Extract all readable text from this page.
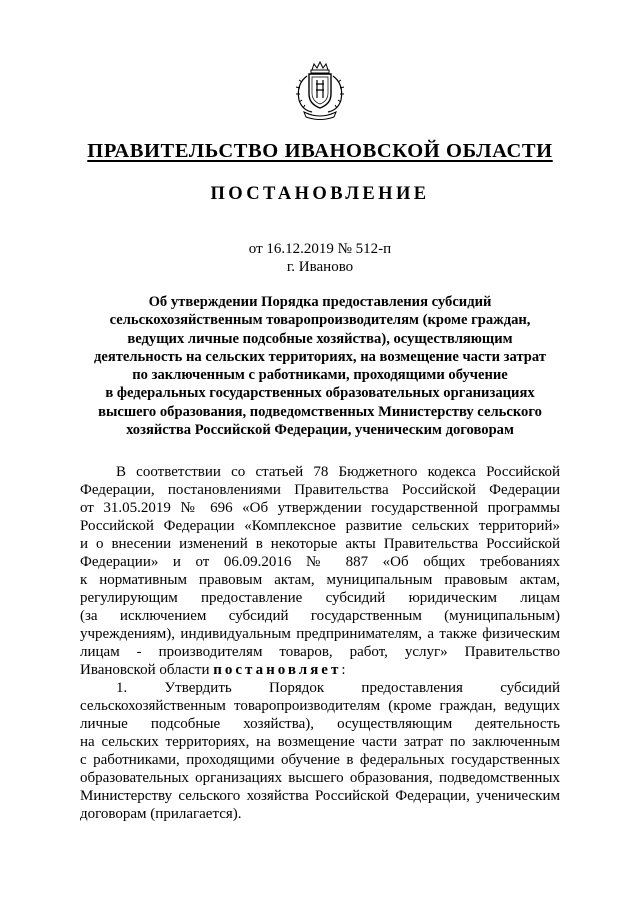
ПРАВИТЕЛЬСТВО ИВАНОВСКОЙ ОБЛАСТИ
ПОСТАНОВЛЕНИЕ
от 16.12.2019 № 512-п
г. Иваново
Об утверждении Порядка предоставления субсидий
сельскохозяйственным товаропроизводителям (кроме граждан,
ведущих личные подсобные хозяйства), осуществляющим
деятельность на сельских территориях, на возмещение части затрат
по заключенным с работниками, проходящими обучение
в федеральных государственных образовательных организациях
высшего образования, подведомственных Министерству сельского
хозяйства Российской Федерации, ученическим договорам
В соответствии со статьей 78 Бюджетного кодекса Российской
Федерации, постановлениями Правительства Российской Федерации
от 31.05.2019 № 696 «Об утверждении государственной программы
Российской Федерации «Комплексное развитие сельских территорий»
и о внесении изменений в некоторые акты Правительства Российской
Федерации» и от 06.09.2016 № 887 «Об общих требованиях
к нормативным правовым актам, муниципальным правовым актам,
регулирующим предоставление субсидий юридическим лицам
(за исключением субсидий государственным (муниципальным)
учреждениям), индивидуальным предпринимателям, а также физическим
лицам - производителям товаров, работ, услуг» Правительство
Ивановской области постановляет:
1. Утвердить Порядок предоставления субсидий
сельскохозяйственным товаропроизводителям (кроме граждан, ведущих
личные подсобные хозяйства), осуществляющим деятельность
на сельских территориях, на возмещение части затрат по заключенным
с работниками, проходящими обучение в федеральных государственных
образовательных организациях высшего образования, подведомственных
Министерству сельского хозяйства Российской Федерации, ученическим
договорам (прилагается).
